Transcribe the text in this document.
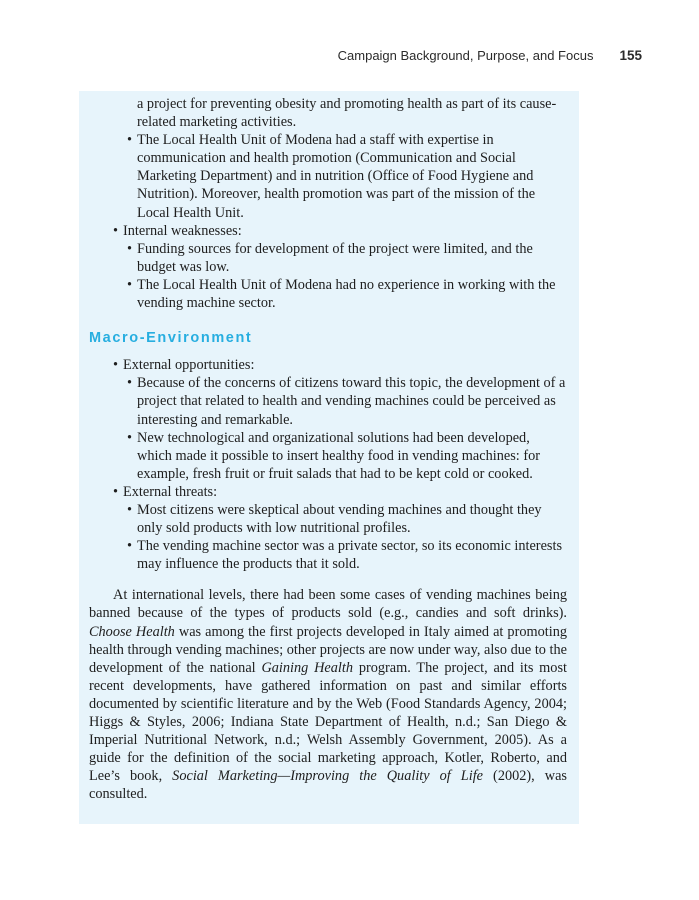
Campaign Background, Purpose, and Focus 155
a project for preventing obesity and promoting health as part of its cause-related marketing activities.
• The Local Health Unit of Modena had a staff with expertise in communication and health promotion (Communication and Social Marketing Department) and in nutrition (Office of Food Hygiene and Nutrition). Moreover, health promotion was part of the mission of the Local Health Unit.
• Internal weaknesses:
• Funding sources for development of the project were limited, and the budget was low.
• The Local Health Unit of Modena had no experience in working with the vending machine sector.
Macro-Environment
• External opportunities:
• Because of the concerns of citizens toward this topic, the development of a project that related to health and vending machines could be perceived as interesting and remarkable.
• New technological and organizational solutions had been developed, which made it possible to insert healthy food in vending machines: for example, fresh fruit or fruit salads that had to be kept cold or cooked.
• External threats:
• Most citizens were skeptical about vending machines and thought they only sold products with low nutritional profiles.
• The vending machine sector was a private sector, so its economic interests may influence the products that it sold.

At international levels, there had been some cases of vending machines being banned because of the types of products sold (e.g., candies and soft drinks). Choose Health was among the first projects developed in Italy aimed at promoting health through vending machines; other projects are now under way, also due to the development of the national Gaining Health program. The project, and its most recent developments, have gathered information on past and similar efforts documented by scientific literature and by the Web (Food Standards Agency, 2004; Higgs & Styles, 2006; Indiana State Department of Health, n.d.; San Diego & Imperial Nutritional Network, n.d.; Welsh Assembly Government, 2005). As a guide for the definition of the social marketing approach, Kotler, Roberto, and Lee’s book, Social Marketing—Improving the Quality of Life (2002), was consulted.
